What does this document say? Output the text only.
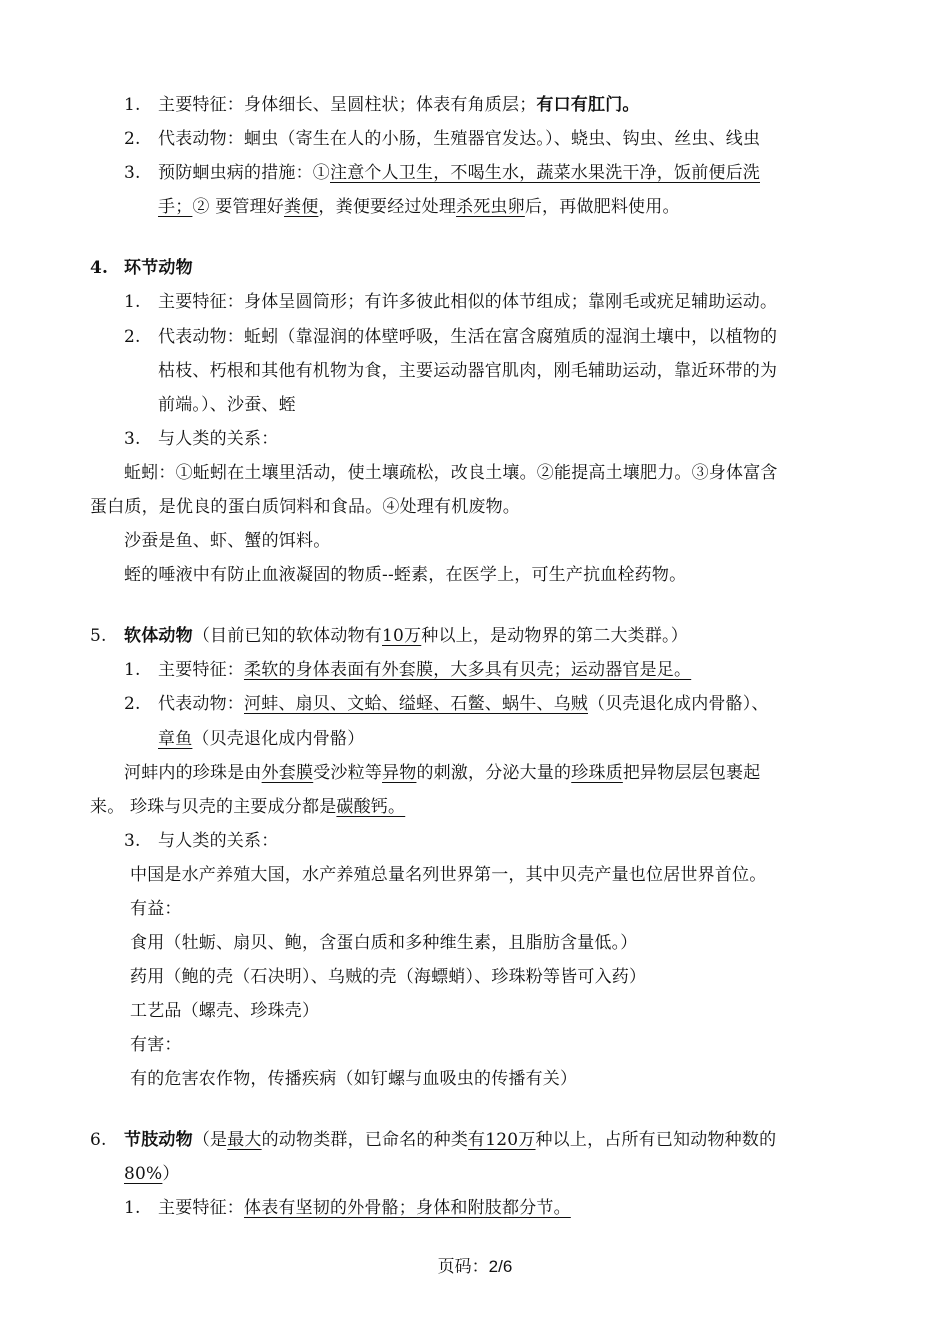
1. 主要特征：身体细长、呈圆柱状；体表有角质层；有口有肛门。
2. 代表动物：蛔虫（寄生在人的小肠，生殖器官发达。）、蛲虫、钩虫、丝虫、线虫
3. 预防蛔虫病的措施：①注意个人卫生，不喝生水，蔬菜水果洗干净，饭前便后洗
手；② 要管理好粪便，粪便要经过处理杀死虫卵后，再做肥料使用。
4. 环节动物
1. 主要特征：身体呈圆筒形；有许多彼此相似的体节组成；靠刚毛或疣足辅助运动。
2. 代表动物：蚯蚓（靠湿润的体壁呼吸，生活在富含腐殖质的湿润土壤中，以植物的
枯枝、朽根和其他有机物为食，主要运动器官肌肉，刚毛辅助运动，靠近环带的为
前端。）、沙蚕、蛭
3. 与人类的关系：
蚯蚓：①蚯蚓在土壤里活动，使土壤疏松，改良土壤。②能提高土壤肥力。③身体富含
蛋白质，是优良的蛋白质饲料和食品。④处理有机废物。
沙蚕是鱼、虾、蟹的饵料。
蛭的唾液中有防止血液凝固的物质--蛭素，在医学上，可生产抗血栓药物。
5. 软体动物（目前已知的软体动物有10万种以上，是动物界的第二大类群。）
1. 主要特征：柔软的身体表面有外套膜，大多具有贝壳；运动器官是足。
2. 代表动物：河蚌、扇贝、文蛤、缢蛏、石鳖、蜗牛、乌贼（贝壳退化成内骨骼）、
章鱼（贝壳退化成内骨骼）
河蚌内的珍珠是由外套膜受沙粒等异物的刺激，分泌大量的珍珠质把异物层层包裹起
来。 珍珠与贝壳的主要成分都是碳酸钙。
3. 与人类的关系：
中国是水产养殖大国，水产养殖总量名列世界第一，其中贝壳产量也位居世界首位。
有益：
食用（牡蛎、扇贝、鲍，含蛋白质和多种维生素，且脂肪含量低。）
药用（鲍的壳（石决明）、乌贼的壳（海螵蛸）、珍珠粉等皆可入药）
工艺品（螺壳、珍珠壳）
有害：
有的危害农作物，传播疾病（如钉螺与血吸虫的传播有关）
6. 节肢动物（是最大的动物类群，已命名的种类有120万种以上，占所有已知动物种数的
80%）
1. 主要特征：体表有坚韧的外骨骼；身体和附肢都分节。
页码：2/6
